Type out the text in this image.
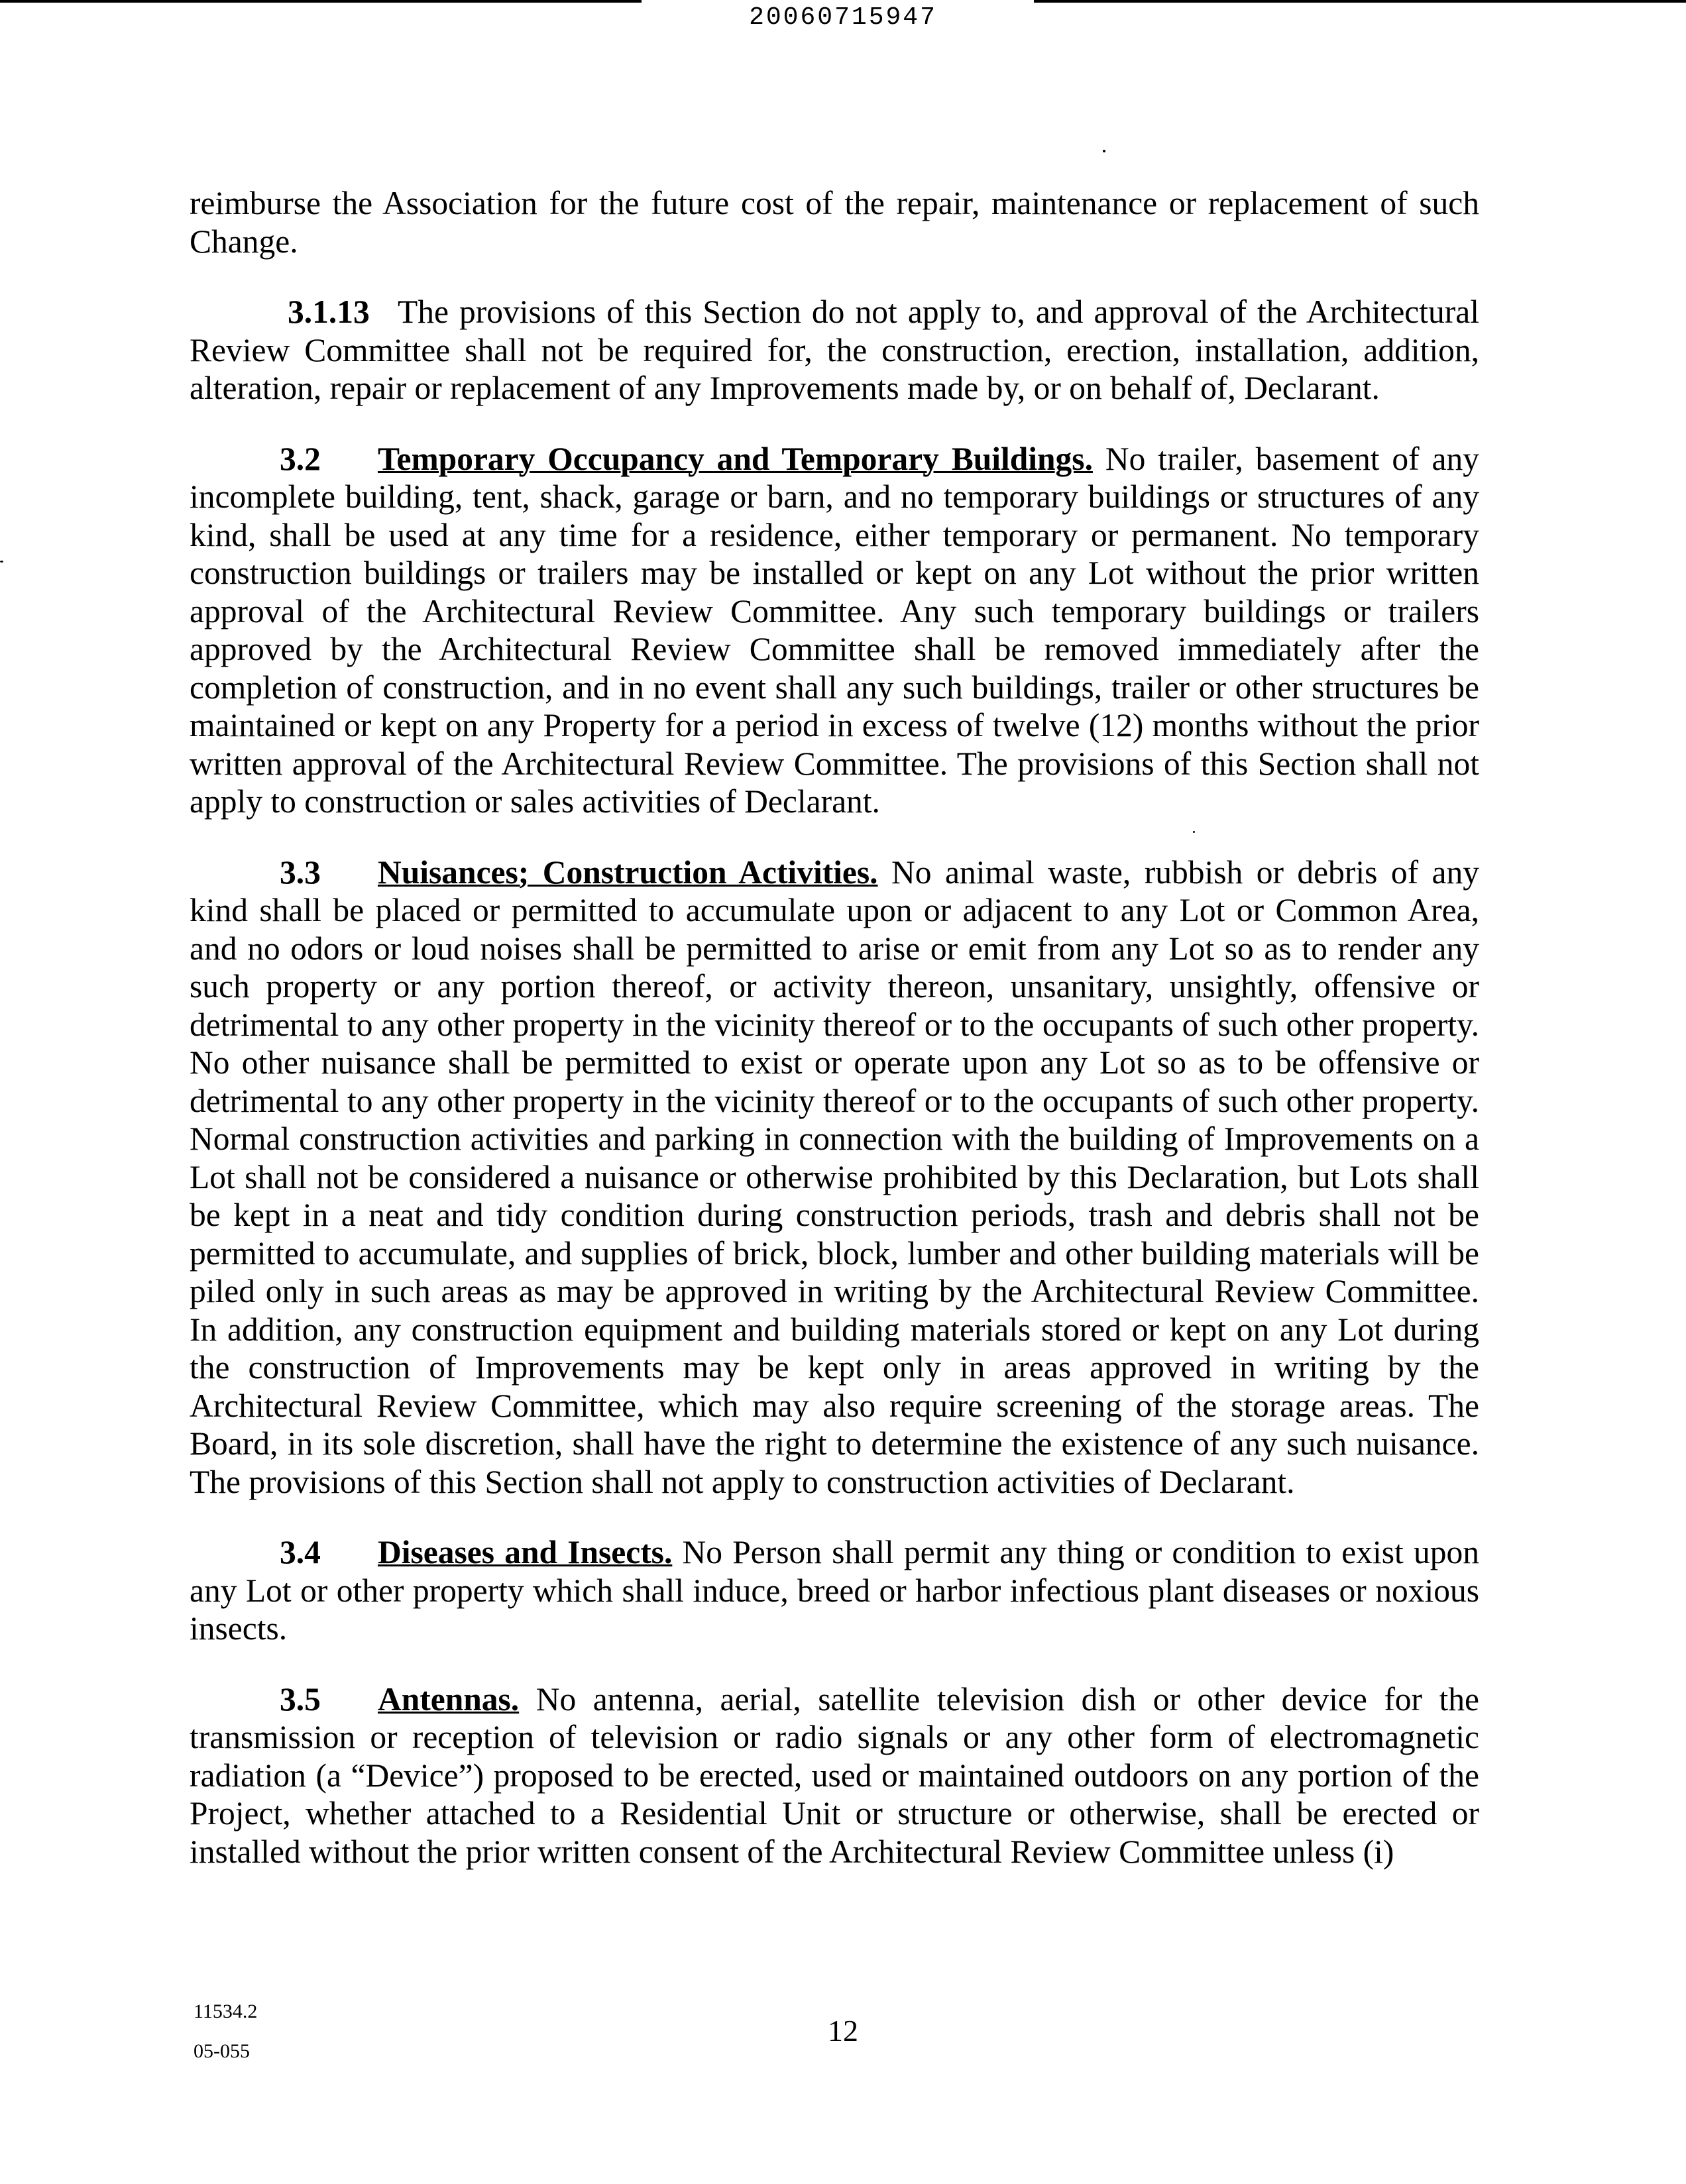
20060715947

reimburse the Association for the future cost of the repair, maintenance or replacement of such Change.

3.1.13 The provisions of this Section do not apply to, and approval of the Architectural Review Committee shall not be required for, the construction, erection, installation, addition, alteration, repair or replacement of any Improvements made by, or on behalf of, Declarant.

3.2 Temporary Occupancy and Temporary Buildings. No trailer, basement of any incomplete building, tent, shack, garage or barn, and no temporary buildings or structures of any kind, shall be used at any time for a residence, either temporary or permanent. No temporary construction buildings or trailers may be installed or kept on any Lot without the prior written approval of the Architectural Review Committee. Any such temporary buildings or trailers approved by the Architectural Review Committee shall be removed immediately after the completion of construction, and in no event shall any such buildings, trailer or other structures be maintained or kept on any Property for a period in excess of twelve (12) months without the prior written approval of the Architectural Review Committee. The provisions of this Section shall not apply to construction or sales activities of Declarant.

3.3 Nuisances; Construction Activities. No animal waste, rubbish or debris of any kind shall be placed or permitted to accumulate upon or adjacent to any Lot or Common Area, and no odors or loud noises shall be permitted to arise or emit from any Lot so as to render any such property or any portion thereof, or activity thereon, unsanitary, unsightly, offensive or detrimental to any other property in the vicinity thereof or to the occupants of such other property. No other nuisance shall be permitted to exist or operate upon any Lot so as to be offensive or detrimental to any other property in the vicinity thereof or to the occupants of such other property. Normal construction activities and parking in connection with the building of Improvements on a Lot shall not be considered a nuisance or otherwise prohibited by this Declaration, but Lots shall be kept in a neat and tidy condition during construction periods, trash and debris shall not be permitted to accumulate, and supplies of brick, block, lumber and other building materials will be piled only in such areas as may be approved in writing by the Architectural Review Committee. In addition, any construction equipment and building materials stored or kept on any Lot during the construction of Improvements may be kept only in areas approved in writing by the Architectural Review Committee, which may also require screening of the storage areas. The Board, in its sole discretion, shall have the right to determine the existence of any such nuisance. The provisions of this Section shall not apply to construction activities of Declarant.

3.4 Diseases and Insects. No Person shall permit any thing or condition to exist upon any Lot or other property which shall induce, breed or harbor infectious plant diseases or noxious insects.

3.5 Antennas. No antenna, aerial, satellite television dish or other device for the transmission or reception of television or radio signals or any other form of electromagnetic radiation (a “Device”) proposed to be erected, used or maintained outdoors on any portion of the Project, whether attached to a Residential Unit or structure or otherwise, shall be erected or installed without the prior written consent of the Architectural Review Committee unless (i)

11534.2
05-055
12
